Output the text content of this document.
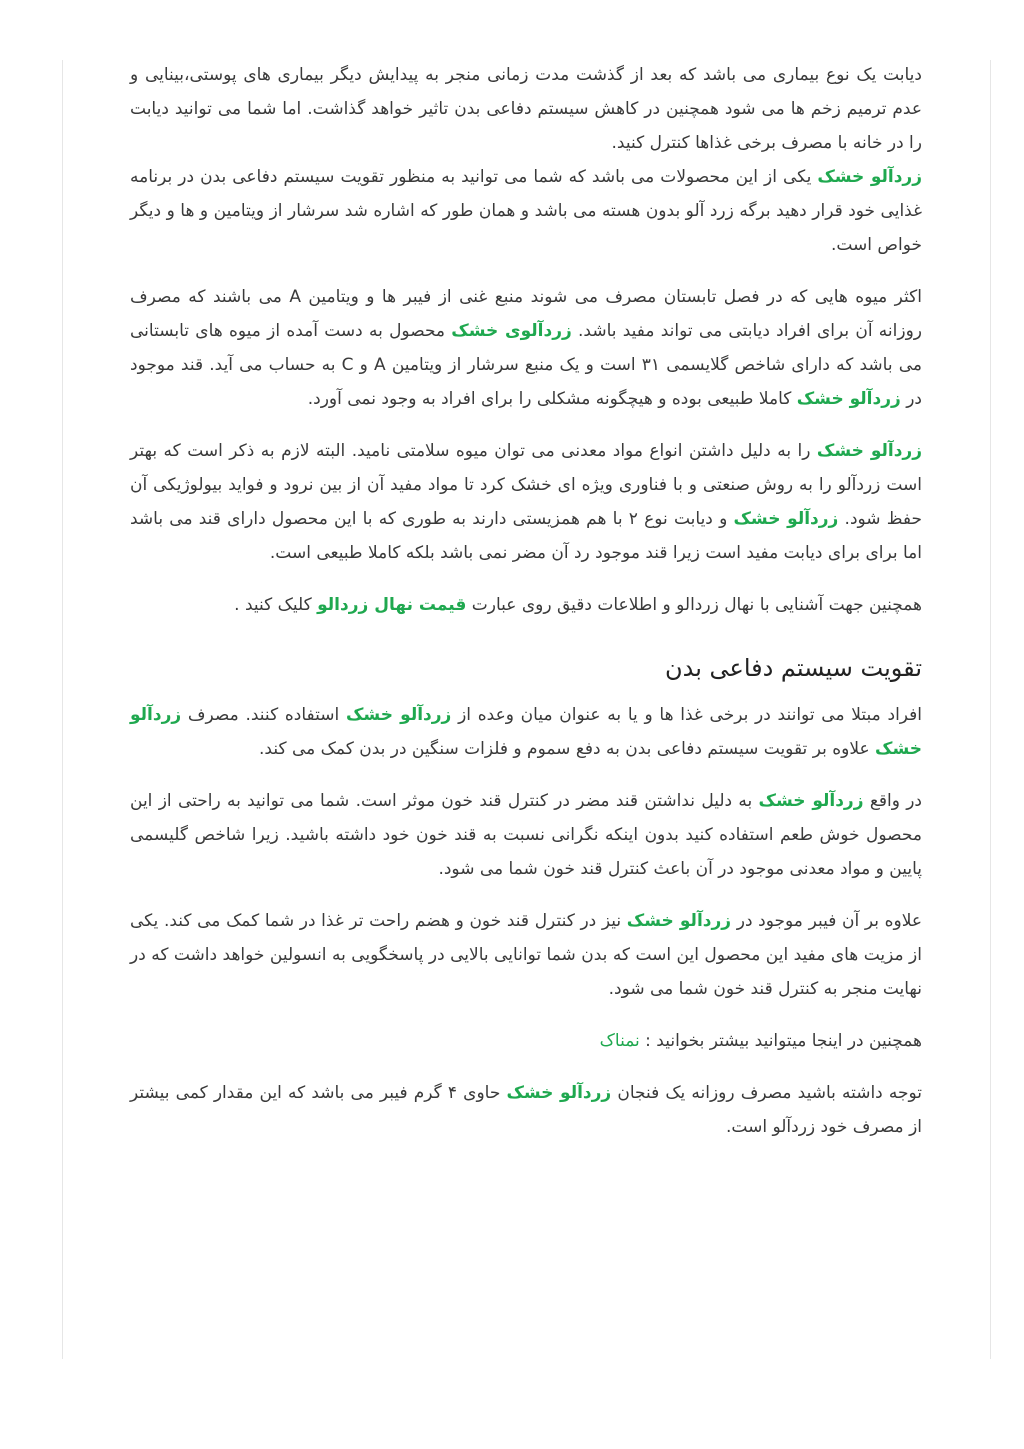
دیابت یک نوع بیماری می باشد که بعد از گذشت مدت زمانی منجر به پیدایش دیگر بیماری های پوستی،بینایی و عدم ترمیم زخم ها می شود همچنین در کاهش سیستم دفاعی بدن تاثیر خواهد گذاشت. اما شما می توانید دیابت را در خانه با مصرف برخی غذاها کنترل کنید.
زردآلو خشک یکی از این محصولات می باشد که شما می توانید به منظور تقویت سیستم دفاعی بدن در برنامه غذایی خود قرار دهید برگه زرد آلو بدون هسته می باشد و همان طور که اشاره شد سرشار از ویتامین و ها و دیگر خواص است.

اکثر میوه هایی که در فصل تابستان مصرف می شوند منبع غنی از فیبر ها و ویتامین A می باشند که مصرف روزانه آن برای افراد دیابتی می تواند مفید باشد. زردآلوی خشک محصول به دست آمده از میوه های تابستانی می باشد که دارای شاخص گلایسمی ۳۱ است و یک منبع سرشار از ویتامین A و C به حساب می آید. قند موجود در زردآلو خشک کاملا طبیعی بوده و هیچگونه مشکلی را برای افراد به وجود نمی آورد.

زردآلو خشک را به دلیل داشتن انواع مواد معدنی می توان میوه سلامتی نامید. البته لازم به ذکر است که بهتر است زردآلو را به روش صنعتی و با فناوری ویژه ای خشک کرد تا مواد مفید آن از بین نرود و فواید بیولوژیکی آن حفظ شود. زردآلو خشک و دیابت نوع ۲ با هم همزیستی دارند به طوری که با این محصول دارای قند می باشد اما برای برای دیابت مفید است زیرا قند موجود رد آن مضر نمی باشد بلکه کاملا طبیعی است.

همچنین جهت آشنایی با نهال زردالو و اطلاعات دقیق روی عبارت قیمت نهال زردالو کلیک کنید .

تقویت سیستم دفاعی بدن

افراد مبتلا می توانند در برخی غذا ها و یا به عنوان میان وعده از زردآلو خشک استفاده کنند. مصرف زردآلو خشک علاوه بر تقویت سیستم دفاعی بدن به دفع سموم و فلزات سنگین در بدن کمک می کند.

در واقع زردآلو خشک به دلیل نداشتن قند مضر در کنترل قند خون موثر است. شما می توانید به راحتی از این محصول خوش طعم استفاده کنید بدون اینکه نگرانی نسبت به قند خون خود داشته باشید. زیرا شاخص گلیسمی پایین و مواد معدنی موجود در آن باعث کنترل قند خون شما می شود.

علاوه بر آن فیبر موجود در زردآلو خشک نیز در کنترل قند خون و هضم راحت تر غذا در شما کمک می کند. یکی از مزیت های مفید این محصول این است که بدن شما توانایی بالایی در پاسخگویی به انسولین خواهد داشت که در نهایت منجر به کنترل قند خون شما می شود.

همچنین در اینجا میتوانید بیشتر بخوانید : نمناک

توجه داشته باشید مصرف روزانه یک فنجان زردآلو خشک حاوی ۴ گرم فیبر می باشد که این مقدار کمی بیشتر از مصرف خود زردآلو است.
